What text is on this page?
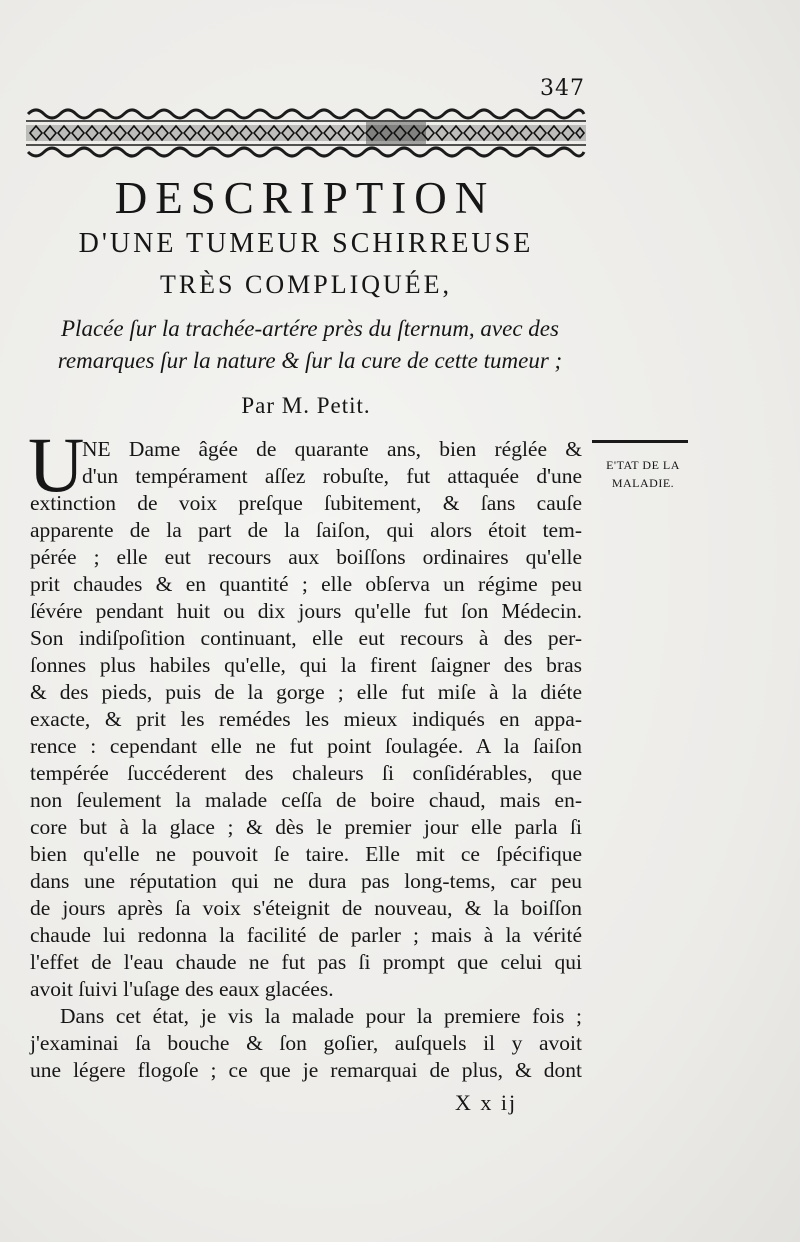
347
DESCRIPTION
D'UNE TUMEUR SCHIRREUSE
TRÈS COMPLIQUÉE,
Placée ſur la trachée-artére près du ſternum, avec des
remarques ſur la nature & ſur la cure de cette tumeur ;
Par M. Petit.
U	E'TAT DE LA
MALADIE.
NE Dame âgée de quarante ans, bien réglée &
d'un tempérament aſſez robuſte, fut attaquée d'une
extinction de voix preſque ſubitement, & ſans cauſe
apparente de la part de la ſaiſon, qui alors étoit tem-
pérée ; elle eut recours aux boiſſons ordinaires qu'elle
prit chaudes & en quantité ; elle obſerva un régime peu
ſévére pendant huit ou dix jours qu'elle fut ſon Médecin.
Son indiſpoſition continuant, elle eut recours à des per-
ſonnes plus habiles qu'elle, qui la firent ſaigner des bras
& des pieds, puis de la gorge ; elle fut miſe à la diéte
exacte, & prit les remédes les mieux indiqués en appa-
rence : cependant elle ne fut point ſoulagée. A la ſaiſon
tempérée ſuccéderent des chaleurs ſi conſidérables, que
non ſeulement la malade ceſſa de boire chaud, mais en-
core but à la glace ; & dès le premier jour elle parla ſi
bien qu'elle ne pouvoit ſe taire. Elle mit ce ſpécifique
dans une réputation qui ne dura pas long-tems, car peu
de jours après ſa voix s'éteignit de nouveau, & la boiſſon
chaude lui redonna la facilité de parler ; mais à la vérité
l'effet de l'eau chaude ne fut pas ſi prompt que celui qui
avoit ſuivi l'uſage des eaux glacées.
Dans cet état, je vis la malade pour la premiere fois ;
j'examinai ſa bouche & ſon goſier, auſquels il y avoit
une légere flogoſe ; ce que je remarquai de plus, & dont
X x ij
